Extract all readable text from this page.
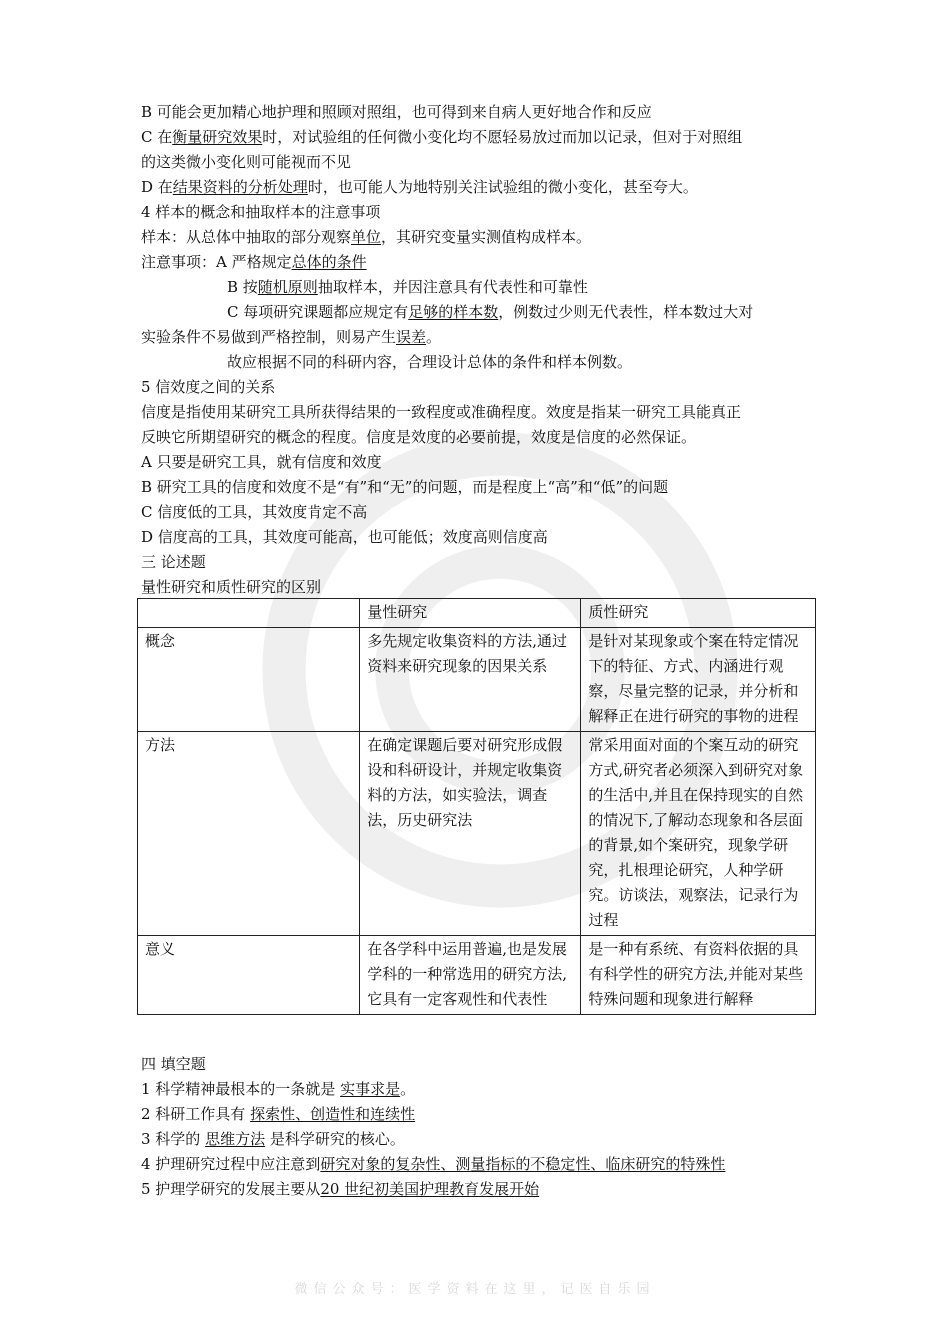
B 可能会更加精心地护理和照顾对照组，也可得到来自病人更好地合作和反应
C 在衡量研究效果时，对试验组的任何微小变化均不愿轻易放过而加以记录，但对于对照组
的这类微小变化则可能视而不见
D 在结果资料的分析处理时，也可能人为地特别关注试验组的微小变化，甚至夸大。
4 样本的概念和抽取样本的注意事项
样本：从总体中抽取的部分观察单位，其研究变量实测值构成样本。
注意事项：A 严格规定总体的条件
B 按随机原则抽取样本，并因注意具有代表性和可靠性
C 每项研究课题都应规定有足够的样本数，例数过少则无代表性，样本数过大对
实验条件不易做到严格控制，则易产生误差。
故应根据不同的科研内容，合理设计总体的条件和样本例数。
5 信效度之间的关系
信度是指使用某研究工具所获得结果的一致程度或准确程度。效度是指某一研究工具能真正
反映它所期望研究的概念的程度。信度是效度的必要前提，效度是信度的必然保证。
A 只要是研究工具，就有信度和效度
B 研究工具的信度和效度不是“有”和“无”的问题，而是程度上“高”和“低”的问题
C 信度低的工具，其效度肯定不高
D 信度高的工具，其效度可能高，也可能低；效度高则信度高
三 论述题
量性研究和质性研究的区别
	量性研究	质性研究
概念	多先规定收集资料的方法,通过资料来研究现象的因果关系	是针对某现象或个案在特定情况下的特征、方式、内涵进行观察，尽量完整的记录，并分析和解释正在进行研究的事物的进程
方法	在确定课题后要对研究形成假设和科研设计，并规定收集资料的方法，如实验法，调查法，历史研究法	常采用面对面的个案互动的研究方式,研究者必须深入到研究对象的生活中,并且在保持现实的自然的情况下,了解动态现象和各层面的背景,如个案研究，现象学研究，扎根理论研究，人种学研究。访谈法，观察法，记录行为过程
意义	在各学科中运用普遍,也是发展学科的一种常选用的研究方法,它具有一定客观性和代表性	是一种有系统、有资料依据的具有科学性的研究方法,并能对某些特殊问题和现象进行解释
四 填空题
1 科学精神最根本的一条就是 实事求是。
2 科研工作具有 探索性、创造性和连续性
3 科学的 思维方法 是科学研究的核心。
4 护理研究过程中应注意到研究对象的复杂性、测量指标的不稳定性、临床研究的特殊性
5 护理学研究的发展主要从20 世纪初美国护理教育发展开始
微信公众号：医学资料在这里，记医自乐园
